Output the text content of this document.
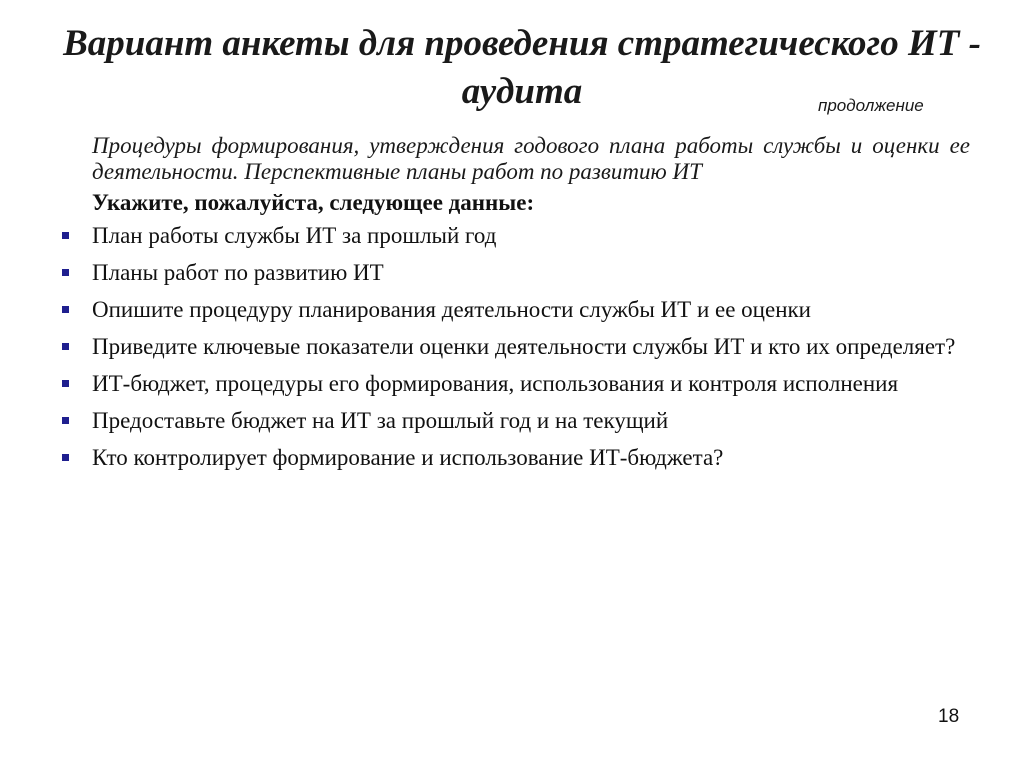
Вариант анкеты для проведения стратегического ИТ - аудита	продолжение

Процедуры формирования, утверждения годового плана работы службы и оценки ее деятельности. Перспективные планы работ по развитию ИТ

Укажите, пожалуйста, следующее данные:

План работы службы ИТ за прошлый год
Планы работ по развитию ИТ
Опишите процедуру планирования деятельности службы ИТ и ее оценки
Приведите ключевые показатели оценки деятельности службы ИТ и кто их определяет?
ИТ-бюджет, процедуры его формирования, использования и контроля исполнения
Предоставьте бюджет на ИТ за прошлый год и на текущий
Кто контролирует формирование и использование ИТ-бюджета?
18
